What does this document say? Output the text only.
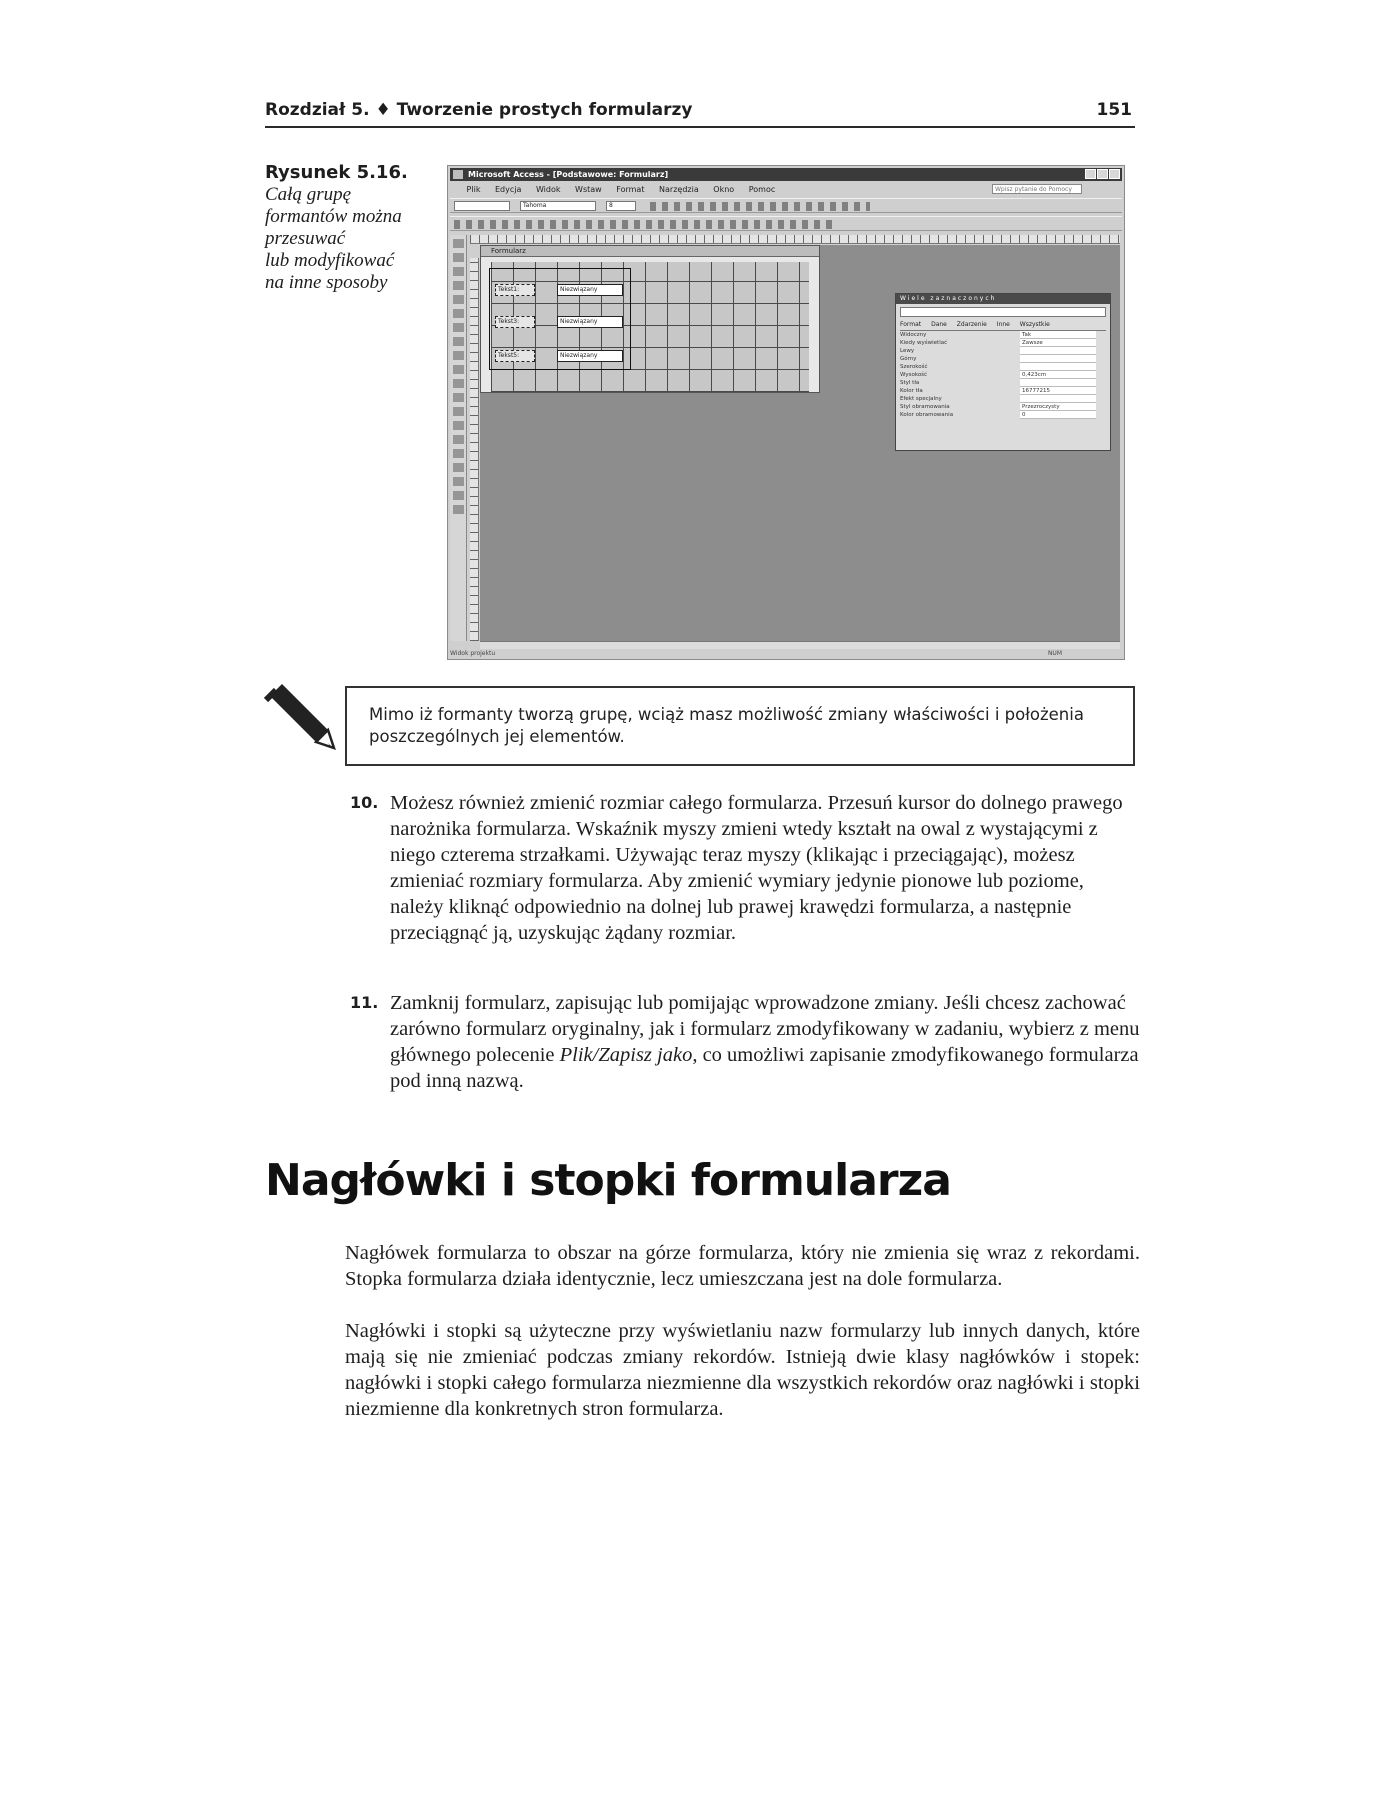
Rozdział 5. ♦ Tworzenie prostych formularzy	151
Rysunek 5.16.
Całą grupę
formantów można
przesuwać
lub modyfikować
na inne sposoby
Microsoft Access - [Podstawowe: Formularz]
Plik Edycja Widok Wstaw Format Narzędzia Okno Pomoc	Wpisz pytanie do Pomocy
Tahoma	8
Formularz
Tekst1:	Niezwiązany
Tekst3:	Niezwiązany
Tekst5:	Niezwiązany
Wiele zaznaczonych
Format Dane Zdarzenie Inne Wszystkie
Widoczny	Tak
Kiedy wyświetlać	Zawsze
Lewy
Górny
Szerokość
Wysokość	0,423cm
Styl tła
Kolor tła	16777215
Efekt specjalny
Styl obramowania	Przezroczysty
Kolor obramowania	0
Widok projektu	NUM
Mimo iż formanty tworzą grupę, wciąż masz możliwość zmiany właściwości i położenia poszczególnych jej elementów.
10. Możesz również zmienić rozmiar całego formularza. Przesuń kursor do dolnego prawego narożnika formularza. Wskaźnik myszy zmieni wtedy kształt na owal z wystającymi z niego czterema strzałkami. Używając teraz myszy (klikając i przeciągając), możesz zmieniać rozmiary formularza. Aby zmienić wymiary jedynie pionowe lub poziome, należy kliknąć odpowiednio na dolnej lub prawej krawędzi formularza, a następnie przeciągnąć ją, uzyskując żądany rozmiar.
11. Zamknij formularz, zapisując lub pomijając wprowadzone zmiany. Jeśli chcesz zachować zarówno formularz oryginalny, jak i formularz zmodyfikowany w zadaniu, wybierz z menu głównego polecenie Plik/Zapisz jako, co umożliwi zapisanie zmodyfikowanego formularza pod inną nazwą.
Nagłówki i stopki formularza
Nagłówek formularza to obszar na górze formularza, który nie zmienia się wraz z rekordami. Stopka formularza działa identycznie, lecz umieszczana jest na dole formularza.
Nagłówki i stopki są użyteczne przy wyświetlaniu nazw formularzy lub innych danych, które mają się nie zmieniać podczas zmiany rekordów. Istnieją dwie klasy nagłówków i stopek: nagłówki i stopki całego formularza niezmienne dla wszystkich rekordów oraz nagłówki i stopki niezmienne dla konkretnych stron formularza.
